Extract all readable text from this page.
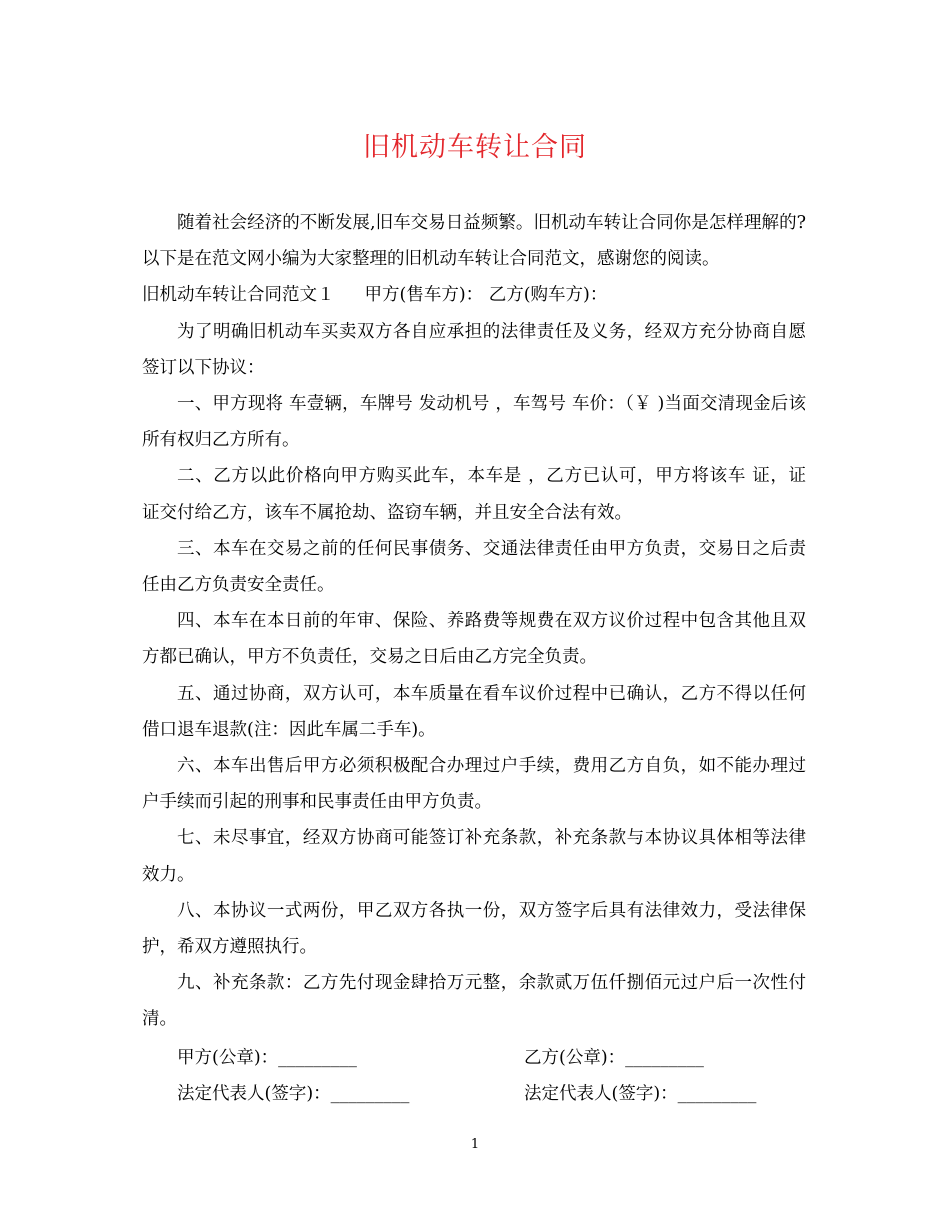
旧机动车转让合同

随着社会经济的不断发展,旧车交易日益频繁。旧机动车转让合同你是怎样理解的?以下是在范文网小编为大家整理的旧机动车转让合同范文，感谢您的阅读。

旧机动车转让合同范文１ 甲方(售车方)： 乙方(购车方)：

为了明确旧机动车买卖双方各自应承担的法律责任及义务，经双方充分协商自愿签订以下协议：

一、甲方现将 车壹辆，车牌号 发动机号 ，车驾号 车价：（￥ )当面交清现金后该所有权归乙方所有。

二、乙方以此价格向甲方购买此车，本车是 ，乙方已认可，甲方将该车 证，证 证交付给乙方，该车不属抢劫、盗窃车辆，并且安全合法有效。

三、本车在交易之前的任何民事债务、交通法律责任由甲方负责，交易日之后责任由乙方负责安全责任。

四、本车在本日前的年审、保险、养路费等规费在双方议价过程中包含其他且双方都已确认，甲方不负责任，交易之日后由乙方完全负责。

五、通过协商，双方认可，本车质量在看车议价过程中已确认，乙方不得以任何借口退车退款(注：因此车属二手车)。

六、本车出售后甲方必须积极配合办理过户手续，费用乙方自负，如不能办理过户手续而引起的刑事和民事责任由甲方负责。

七、未尽事宜，经双方协商可能签订补充条款，补充条款与本协议具体相等法律效力。

八、本协议一式两份，甲乙双方各执一份，双方签字后具有法律效力，受法律保护，希双方遵照执行。

九、补充条款：乙方先付现金肆拾万元整，余款贰万伍仟捌佰元过户后一次性付清。

甲方(公章)：_________	乙方(公章)：_________
法定代表人(签字)：_________	法定代表人(签字)：_________
1
